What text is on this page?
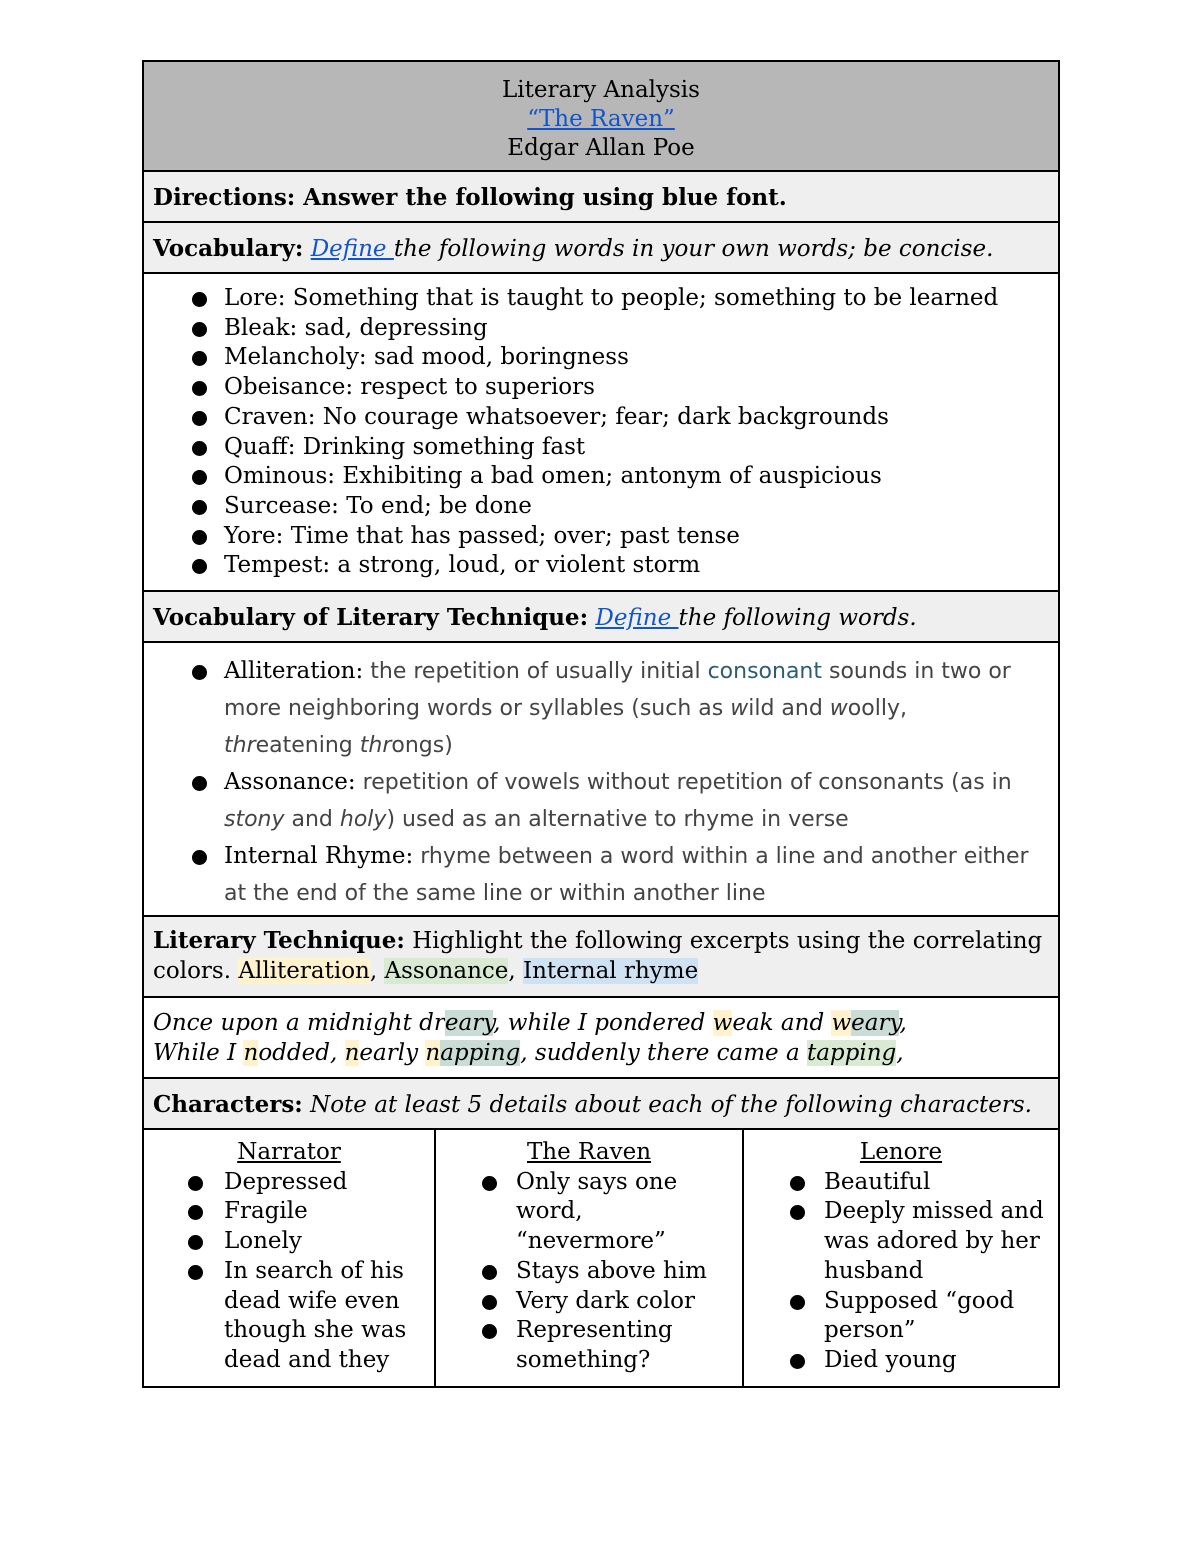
Literary Analysis
“The Raven”
Edgar Allan Poe
Directions: Answer the following using blue font.
Vocabulary: Define the following words in your own words; be concise.
Lore: Something that is taught to people; something to be learned
Bleak: sad, depressing
Melancholy: sad mood, boringness
Obeisance: respect to superiors
Craven: No courage whatsoever; fear; dark backgrounds
Quaff: Drinking something fast
Ominous: Exhibiting a bad omen; antonym of auspicious
Surcease: To end; be done
Yore: Time that has passed; over; past tense
Tempest: a strong, loud, or violent storm
Vocabulary of Literary Technique: Define the following words.
Alliteration: the repetition of usually initial consonant sounds in two or more neighboring words or syllables (such as wild and woolly, threatening throngs)
Assonance: repetition of vowels without repetition of consonants (as in stony and holy) used as an alternative to rhyme in verse
Internal Rhyme: rhyme between a word within a line and another either at the end of the same line or within another line
Literary Technique: Highlight the following excerpts using the correlating colors. Alliteration, Assonance, Internal rhyme
Once upon a midnight dreary, while I pondered weak and weary,
While I nodded, nearly napping, suddenly there came a tapping,
Characters: Note at least 5 details about each of the following characters.
Narrator
Depressed
Fragile
Lonely
In search of his dead wife even though she was dead and they
The Raven
Only says one word, “nevermore”
Stays above him
Very dark color
Representing something?
Lenore
Beautiful
Deeply missed and was adored by her husband
Supposed “good person”
Died young
